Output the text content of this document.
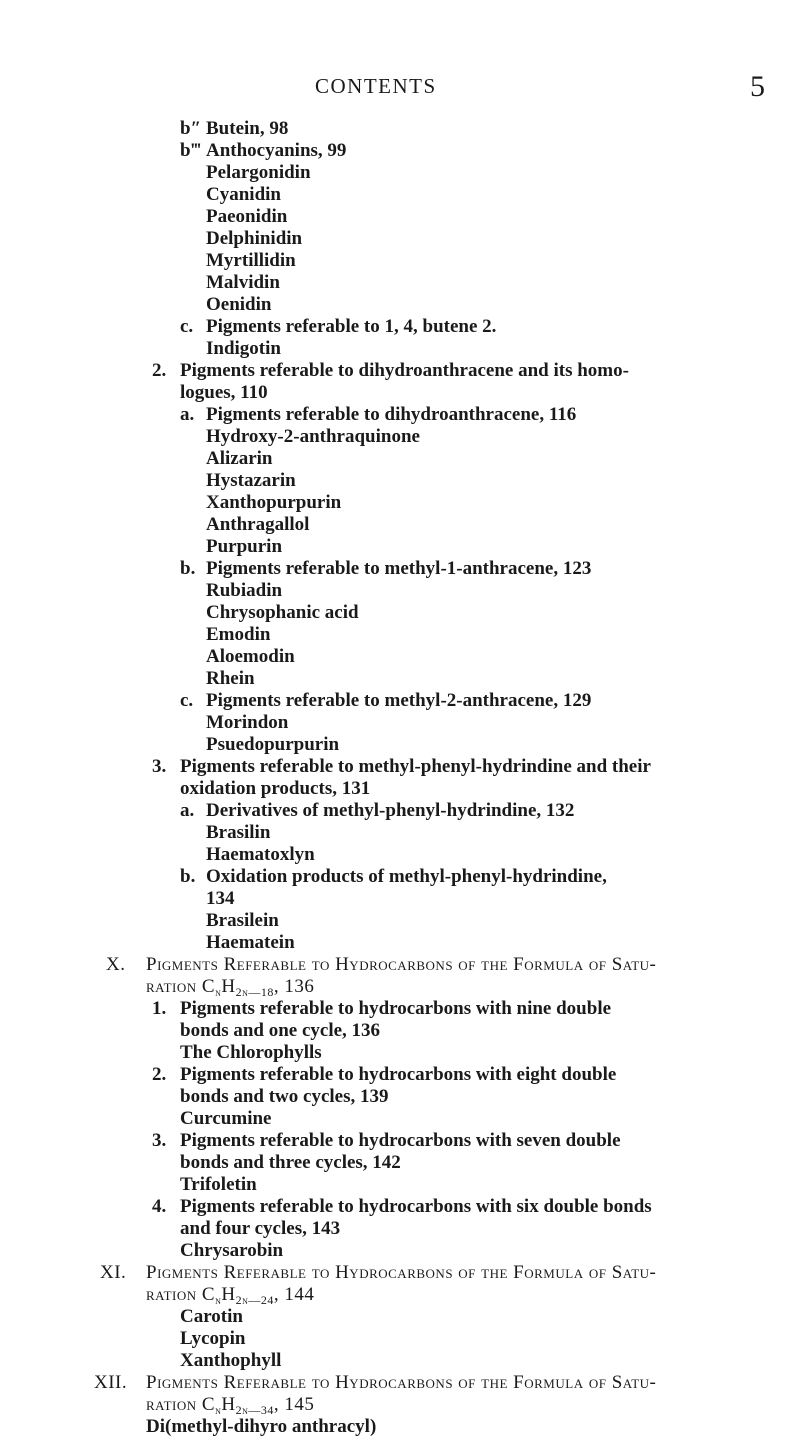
CONTENTS	5
b″ Butein, 98
b‴ Anthocyanins, 99
Pelargonidin
Cyanidin
Paeonidin
Delphinidin
Myrtillidin
Malvidin
Oenidin
c. Pigments referable to 1, 4, butene 2.
Indigotin
2. Pigments referable to dihydroanthracene and its homo-
logues, 110
a. Pigments referable to dihydroanthracene, 116
Hydroxy-2-anthraquinone
Alizarin
Hystazarin
Xanthopurpurin
Anthragallol
Purpurin
b. Pigments referable to methyl-1-anthracene, 123
Rubiadin
Chrysophanic acid
Emodin
Aloemodin
Rhein
c. Pigments referable to methyl-2-anthracene, 129
Morindon
Psuedopurpurin
3. Pigments referable to methyl-phenyl-hydrindine and their
oxidation products, 131
a. Derivatives of methyl-phenyl-hydrindine, 132
Brasilin
Haematoxlyn
b. Oxidation products of methyl-phenyl-hydrindine,
134
Brasilein
Haematein
X. Pigments Referable to Hydrocarbons of the Formula of Satu-
ration $C_nH_{2n—18}$, 136
1. Pigments referable to hydrocarbons with nine double
bonds and one cycle, 136
The Chlorophylls
2. Pigments referable to hydrocarbons with eight double
bonds and two cycles, 139
Curcumine
3. Pigments referable to hydrocarbons with seven double
bonds and three cycles, 142
Trifoletin
4. Pigments referable to hydrocarbons with six double bonds
and four cycles, 143
Chrysarobin
XI. Pigments Referable to Hydrocarbons of the Formula of Satu-
ration $C_nH_{2n—24}$, 144
Carotin
Lycopin
Xanthophyll
XII. Pigments Referable to Hydrocarbons of the Formula of Satu-
ration $C_nH_{2n—34}$, 145
Di(methyl-dihyro anthracyl)
